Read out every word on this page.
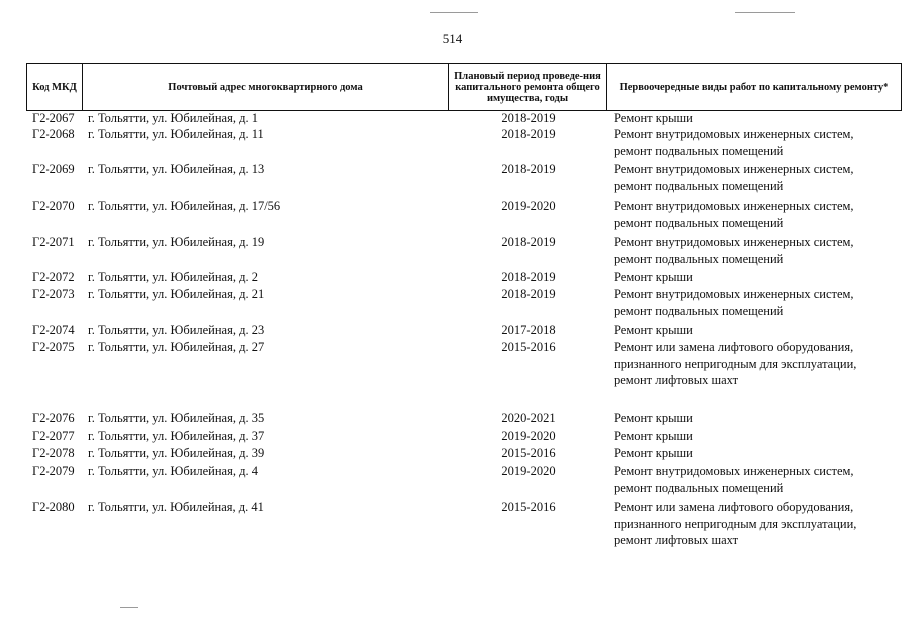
514
Код МКД	Почтовый адрес многоквартирного дома	Плановый период проведе-ния капитального ремонта общего имущества, годы	Первоочередные виды работ по капитальному ремонту*
Г2-2067	г. Тольятти, ул. Юбилейная, д. 1	2018-2019	Ремонт крыши
Г2-2068	г. Тольятти, ул. Юбилейная, д. 11	2018-2019	Ремонт внутридомовых инженерных систем,
ремонт подвальных помещений
Г2-2069	г. Тольятти, ул. Юбилейная, д. 13	2018-2019	Ремонт внутридомовых инженерных систем,
ремонт подвальных помещений
Г2-2070	г. Тольятти, ул. Юбилейная, д. 17/56	2019-2020	Ремонт внутридомовых инженерных систем,
ремонт подвальных помещений
Г2-2071	г. Тольятти, ул. Юбилейная, д. 19	2018-2019	Ремонт внутридомовых инженерных систем,
ремонт подвальных помещений
Г2-2072	г. Тольятти, ул. Юбилейная, д. 2	2018-2019	Ремонт крыши
Г2-2073	г. Тольятти, ул. Юбилейная, д. 21	2018-2019	Ремонт внутридомовых инженерных систем,
ремонт подвальных помещений
Г2-2074	г. Тольятти, ул. Юбилейная, д. 23	2017-2018	Ремонт крыши
Г2-2075	г. Тольятти, ул. Юбилейная, д. 27	2015-2016	Ремонт или замена лифтового оборудования,
признанного непригодным для эксплуатации,
ремонт лифтовых шахт
Г2-2076	г. Тольятти, ул. Юбилейная, д. 35	2020-2021	Ремонт крыши
Г2-2077	г. Тольятти, ул. Юбилейная, д. 37	2019-2020	Ремонт крыши
Г2-2078	г. Тольятти, ул. Юбилейная, д. 39	2015-2016	Ремонт крыши
Г2-2079	г. Тольятти, ул. Юбилейная, д. 4	2019-2020	Ремонт внутридомовых инженерных систем,
ремонт подвальных помещений
Г2-2080	г. Тольятги, ул. Юбилейная, д. 41	2015-2016	Ремонт или замена лифтового оборудования,
признанного непригодным для эксплуатации,
ремонт лифтовых шахт
